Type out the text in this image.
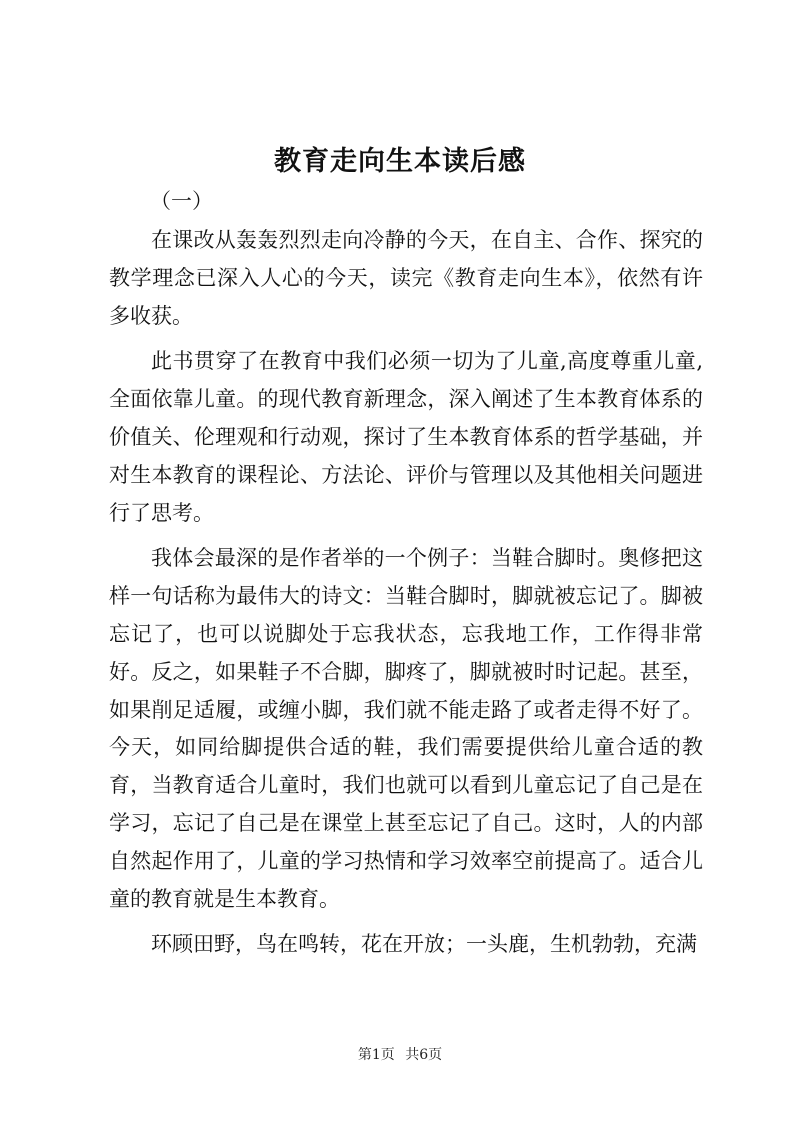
教育走向生本读后感

（一）

在课改从轰轰烈烈走向冷静的今天，在自主、合作、探究的教学理念已深入人心的今天，读完《教育走向生本》，依然有许多收获。

此书贯穿了在教育中我们必须一切为了儿童,高度尊重儿童,全面依靠儿童。的现代教育新理念，深入阐述了生本教育体系的价值关、伦理观和行动观，探讨了生本教育体系的哲学基础，并对生本教育的课程论、方法论、评价与管理以及其他相关问题进行了思考。

我体会最深的是作者举的一个例子：当鞋合脚时。奥修把这样一句话称为最伟大的诗文：当鞋合脚时，脚就被忘记了。脚被忘记了，也可以说脚处于忘我状态，忘我地工作，工作得非常好。反之，如果鞋子不合脚，脚疼了，脚就被时时记起。甚至，如果削足适履，或缠小脚，我们就不能走路了或者走得不好了。今天，如同给脚提供合适的鞋，我们需要提供给儿童合适的教育，当教育适合儿童时，我们也就可以看到儿童忘记了自己是在学习，忘记了自己是在课堂上甚至忘记了自己。这时，人的内部自然起作用了，儿童的学习热情和学习效率空前提高了。适合儿童的教育就是生本教育。

环顾田野，鸟在鸣转，花在开放；一头鹿，生机勃勃，充满

第1页 共6页
